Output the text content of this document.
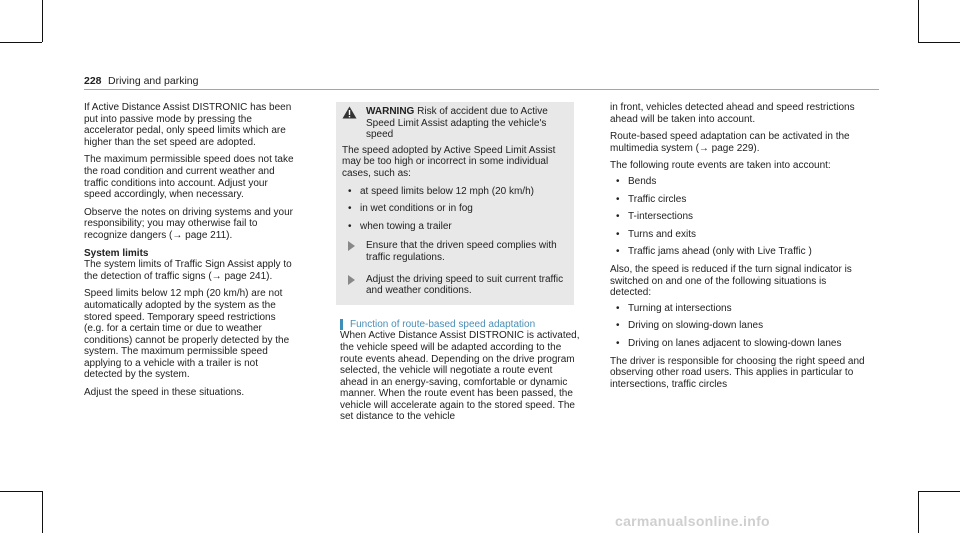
228 Driving and parking

If Active Distance Assist DISTRONIC has been put into passive mode by pressing the accelerator pedal, only speed limits which are higher than the set speed are adopted.

The maximum permissible speed does not take the road condition and current weather and traffic conditions into account. Adjust your speed accordingly, when necessary.

Observe the notes on driving systems and your responsibility; you may otherwise fail to recognize dangers (→ page 211).

System limits

The system limits of Traffic Sign Assist apply to the detection of traffic signs (→ page 241).

Speed limits below 12 mph (20 km/h) are not automatically adopted by the system as the stored speed. Temporary speed restrictions (e.g. for a certain time or due to weather conditions) cannot be properly detected by the system. The maximum permissible speed applying to a vehicle with a trailer is not detected by the system.

Adjust the speed in these situations.

WARNING Risk of accident due to Active Speed Limit Assist adapting the vehicle's speed

The speed adopted by Active Speed Limit Assist may be too high or incorrect in some individual cases, such as:

• at speed limits below 12 mph (20 km/h)
• in wet conditions or in fog
• when towing a trailer
Ensure that the driven speed complies with traffic regulations.
Adjust the driving speed to suit current traffic and weather conditions.
Function of route-based speed adaptation

When Active Distance Assist DISTRONIC is activated, the vehicle speed will be adapted according to the route events ahead. Depending on the drive program selected, the vehicle will negotiate a route event ahead in an energy-saving, comfortable or dynamic manner. When the route event has been passed, the vehicle will accelerate again to the stored speed. The set distance to the vehicle

in front, vehicles detected ahead and speed restrictions ahead will be taken into account.

Route-based speed adaptation can be activated in the multimedia system (→ page 229).

The following route events are taken into account:

• Bends
• Traffic circles
• T-intersections
• Turns and exits
• Traffic jams ahead (only with Live Traffic )

Also, the speed is reduced if the turn signal indicator is switched on and one of the following situations is detected:

• Turning at intersections
• Driving on slowing-down lanes
• Driving on lanes adjacent to slowing-down lanes

The driver is responsible for choosing the right speed and observing other road users. This applies in particular to intersections, traffic circles

carmanualsonline.info
